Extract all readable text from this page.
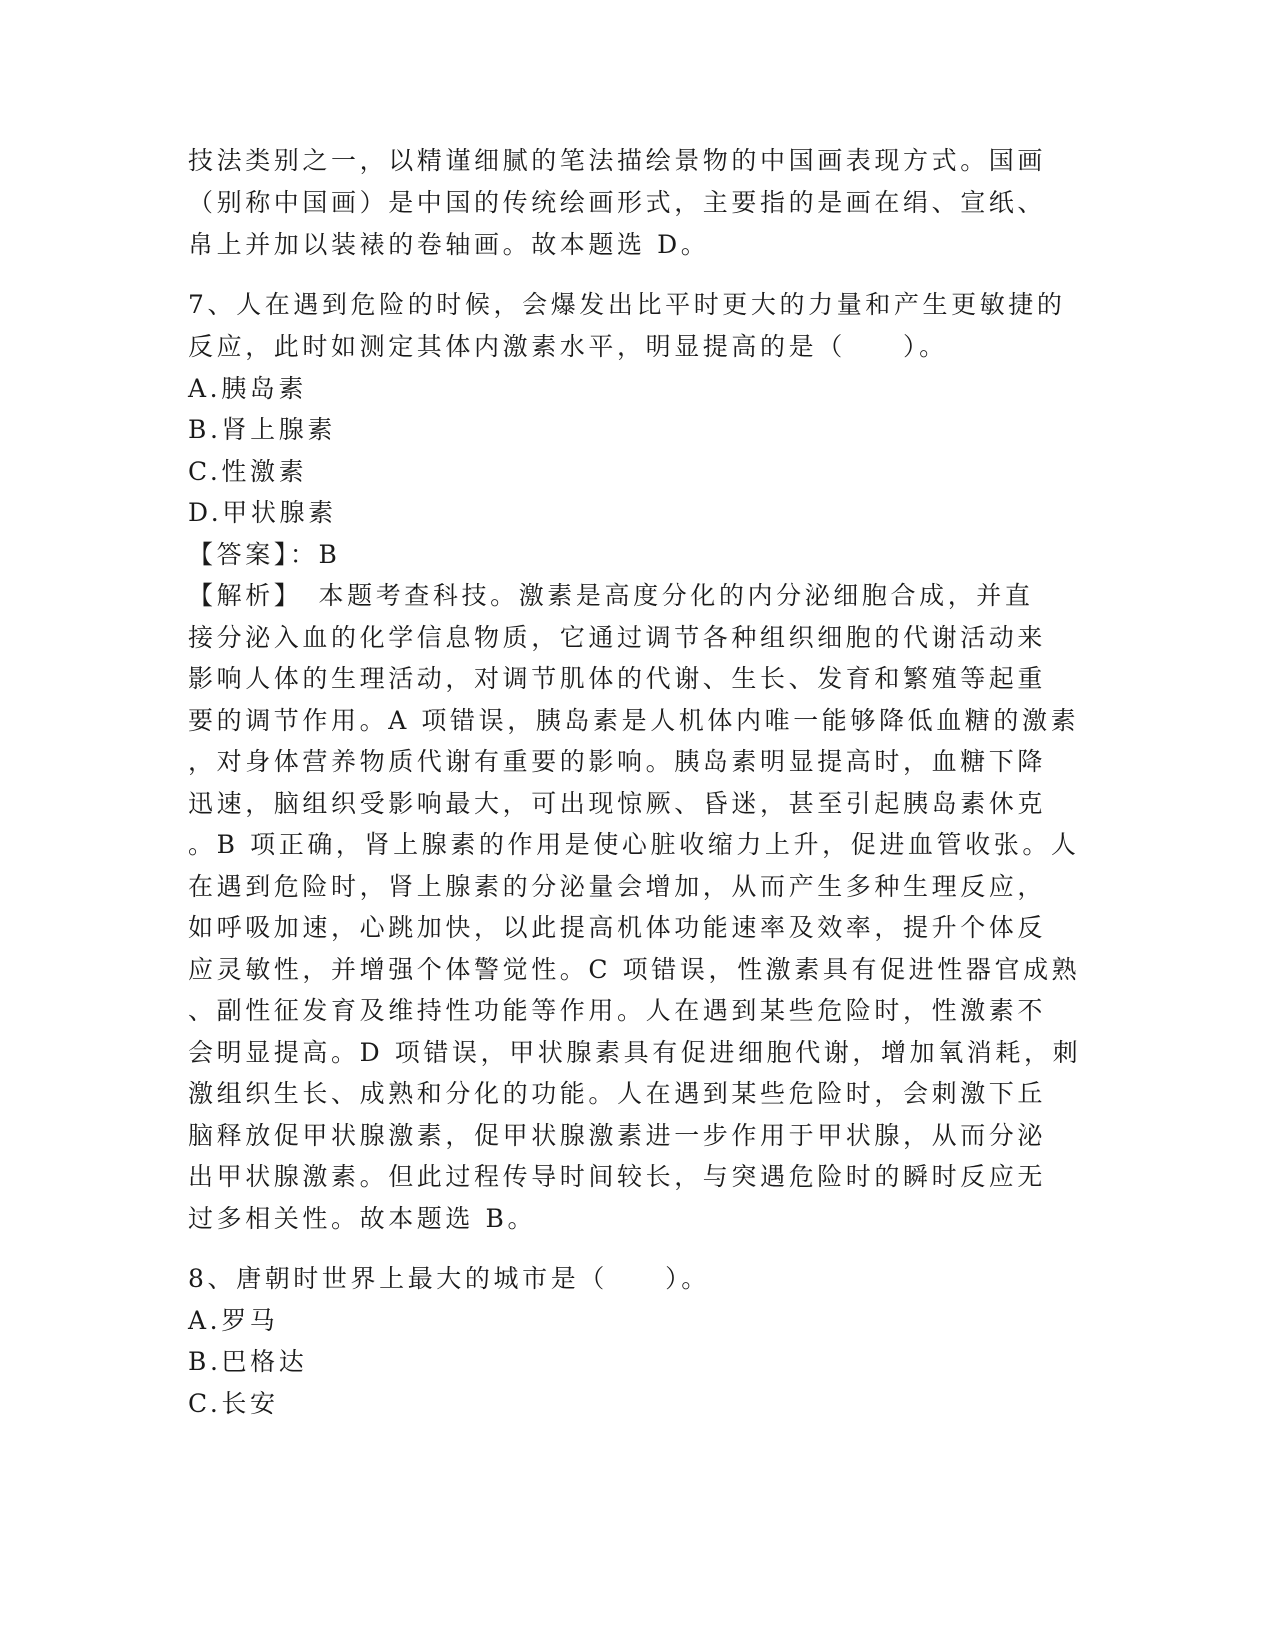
技法类别之一，以精谨细腻的笔法描绘景物的中国画表现方式。国画
（别称中国画）是中国的传统绘画形式，主要指的是画在绢、宣纸、
帛上并加以装裱的卷轴画。故本题选 D。
7、人在遇到危险的时候，会爆发出比平时更大的力量和产生更敏捷的
反应，此时如测定其体内激素水平，明显提高的是（　　）。
A.胰岛素
B.肾上腺素
C.性激素
D.甲状腺素
【答案】：B
【解析】　本题考查科技。激素是高度分化的内分泌细胞合成，并直
接分泌入血的化学信息物质，它通过调节各种组织细胞的代谢活动来
影响人体的生理活动，对调节肌体的代谢、生长、发育和繁殖等起重
要的调节作用。A 项错误，胰岛素是人机体内唯一能够降低血糖的激素
，对身体营养物质代谢有重要的影响。胰岛素明显提高时，血糖下降
迅速，脑组织受影响最大，可出现惊厥、昏迷，甚至引起胰岛素休克
。B 项正确，肾上腺素的作用是使心脏收缩力上升，促进血管收张。人
在遇到危险时，肾上腺素的分泌量会增加，从而产生多种生理反应，
如呼吸加速，心跳加快，以此提高机体功能速率及效率，提升个体反
应灵敏性，并增强个体警觉性。C 项错误，性激素具有促进性器官成熟
、副性征发育及维持性功能等作用。人在遇到某些危险时，性激素不
会明显提高。D 项错误，甲状腺素具有促进细胞代谢，增加氧消耗，刺
激组织生长、成熟和分化的功能。人在遇到某些危险时，会刺激下丘
脑释放促甲状腺激素，促甲状腺激素进一步作用于甲状腺，从而分泌
出甲状腺激素。但此过程传导时间较长，与突遇危险时的瞬时反应无
过多相关性。故本题选 B。
8、唐朝时世界上最大的城市是（　　）。
A.罗马
B.巴格达
C.长安
